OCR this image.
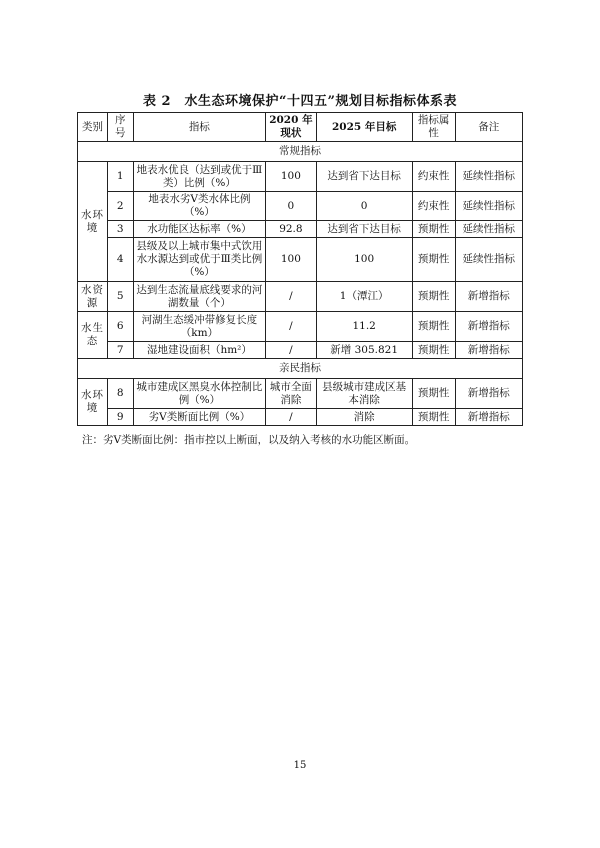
表 2　水生态环境保护“十四五”规划目标指标体系表
类别	序号	指标	2020 年现状	2025 年目标	指标属性	备注
常规指标						
水环境	1	地表水优良（达到或优于Ⅲ类）比例（%）	100	达到省下达目标	约束性	延续性指标
	2	地表水劣V类水体比例（%）	0	0	约束性	延续性指标
	3	水功能区达标率（%）	92.8	达到省下达目标	预期性	延续性指标
	4	县级及以上城市集中式饮用水水源达到或优于Ⅲ类比例（%）	100	100	预期性	延续性指标
水资源	5	达到生态流量底线要求的河湖数量（个）	/	1（潭江）	预期性	新增指标
水生态	6	河湖生态缓冲带修复长度（km）	/	11.2	预期性	新增指标
	7	湿地建设面积（hm²）	/	新增 305.821	预期性	新增指标
亲民指标						
水环境	8	城市建成区黑臭水体控制比例（%）	城市全面消除	县级城市建成区基本消除	预期性	新增指标
	9	劣V类断面比例（%）	/	消除	预期性	新增指标
注：劣V类断面比例：指市控以上断面，以及纳入考核的水功能区断面。
15
